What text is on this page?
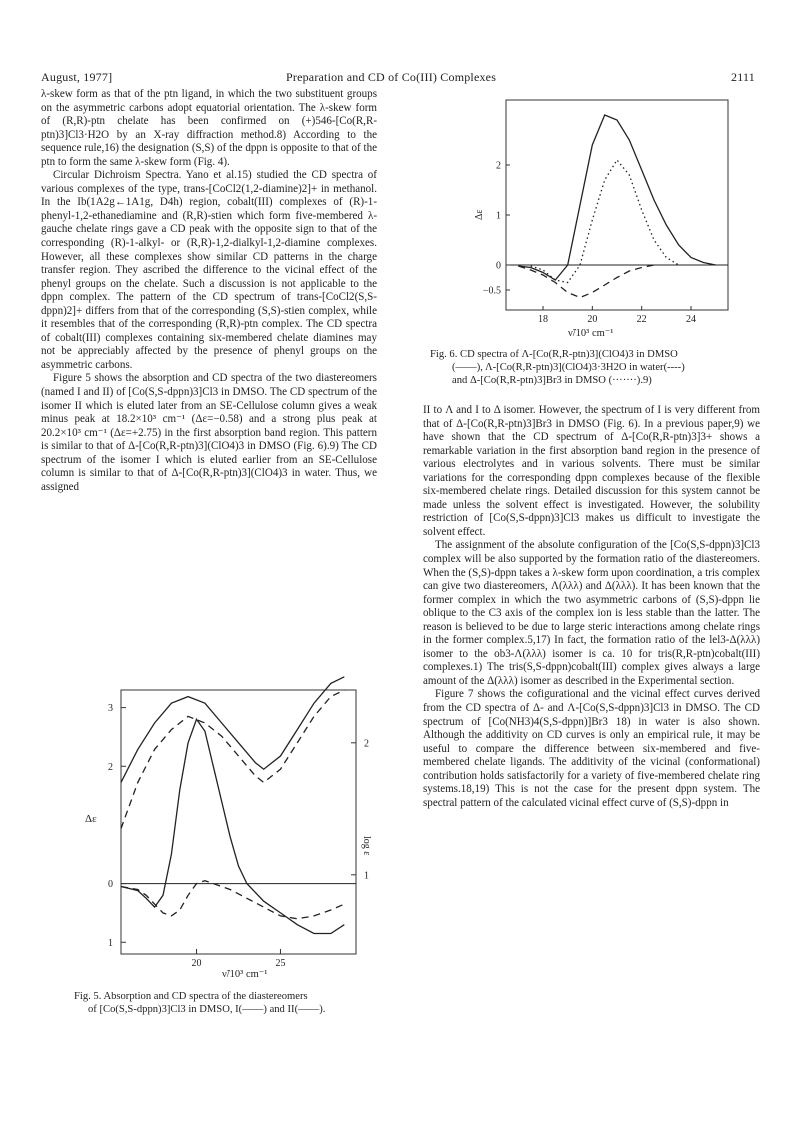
August, 1977]	Preparation and CD of Co(III) Complexes	2111

λ-skew form as that of the ptn ligand, in which the two substituent groups on the asymmetric carbons adopt equatorial orientation. The λ-skew form of (R,R)-ptn chelate has been confirmed on (+)546-[Co(R,R-ptn)3]Cl3·H2O by an X-ray diffraction method.8) According to the sequence rule,16) the designation (S,S) of the dppn is opposite to that of the ptn to form the same λ-skew form (Fig. 4).

Circular Dichroism Spectra. Yano et al.15) studied the CD spectra of various complexes of the type, trans-[CoCl2(1,2-diamine)2]+ in methanol. In the Ib(1A2g←1A1g, D4h) region, cobalt(III) complexes of (R)-1-phenyl-1,2-ethanediamine and (R,R)-stien which form five-membered λ-gauche chelate rings gave a CD peak with the opposite sign to that of the corresponding (R)-1-alkyl- or (R,R)-1,2-dialkyl-1,2-diamine complexes. However, all these complexes show similar CD patterns in the charge transfer region. They ascribed the difference to the vicinal effect of the phenyl groups on the chelate. Such a discussion is not applicable to the dppn complex. The pattern of the CD spectrum of trans-[CoCl2(S,S-dppn)2]+ differs from that of the corresponding (S,S)-stien complex, while it resembles that of the corresponding (R,R)-ptn complex. The CD spectra of cobalt(III) complexes containing six-membered chelate diamines may not be appreciably affected by the presence of phenyl groups on the asymmetric carbons.

Figure 5 shows the absorption and CD spectra of the two diastereomers (named I and II) of [Co(S,S-dppn)3]Cl3 in DMSO. The CD spectrum of the isomer II which is eluted later from an SE-Cellulose column gives a weak minus peak at 18.2×10³ cm⁻¹ (Δε=−0.58) and a strong plus peak at 20.2×10³ cm⁻¹ (Δε=+2.75) in the first absorption band region. This pattern is similar to that of Δ-[Co(R,R-ptn)3](ClO4)3 in DMSO (Fig. 6).9) The CD spectrum of the isomer I which is eluted earlier from an SE-Cellulose column is similar to that of Δ-[Co(R,R-ptn)3](ClO4)3 in water. Thus, we assigned

3
2
0
1
2
1
20	25
Δε
log ε
ν̃/10³ cm⁻¹
Fig. 5. Absorption and CD spectra of the diastereomers
of [Co(S,S-dppn)3]Cl3 in DMSO, I(——) and II(——).
2
1
0
−0.5
18	20	22	24
Δε
ν̃/10³ cm⁻¹
Fig. 6. CD spectra of Λ-[Co(R,R-ptn)3](ClO4)3 in DMSO
(——), Λ-[Co(R,R-ptn)3](ClO4)3·3H2O in water(----)
and Δ-[Co(R,R-ptn)3]Br3 in DMSO (·······).9)

II to Λ and I to Δ isomer. However, the spectrum of I is very different from that of Δ-[Co(R,R-ptn)3]Br3 in DMSO (Fig. 6). In a previous paper,9) we have shown that the CD spectrum of Δ-[Co(R,R-ptn)3]3+ shows a remarkable variation in the first absorption band region in the presence of various electrolytes and in various solvents. There must be similar variations for the corresponding dppn complexes because of the flexible six-membered chelate rings. Detailed discussion for this system cannot be made unless the solvent effect is investigated. However, the solubility restriction of [Co(S,S-dppn)3]Cl3 makes us difficult to investigate the solvent effect.

The assignment of the absolute configuration of the [Co(S,S-dppn)3]Cl3 complex will be also supported by the formation ratio of the diastereomers. When the (S,S)-dppn takes a λ-skew form upon coordination, a tris complex can give two diastereomers, Λ(λλλ) and Δ(λλλ). It has been known that the former complex in which the two asymmetric carbons of (S,S)-dppn lie oblique to the C3 axis of the complex ion is less stable than the latter. The reason is believed to be due to large steric interactions among chelate rings in the former complex.5,17) In fact, the formation ratio of the lel3-Δ(λλλ) isomer to the ob3-Λ(λλλ) isomer is ca. 10 for tris(R,R-ptn)cobalt(III) complexes.1) The tris(S,S-dppn)cobalt(III) complex gives always a large amount of the Δ(λλλ) isomer as described in the Experimental section.

Figure 7 shows the cofigurational and the vicinal effect curves derived from the CD spectra of Δ- and Λ-[Co(S,S-dppn)3]Cl3 in DMSO. The CD spectrum of [Co(NH3)4(S,S-dppn)]Br3 18) in water is also shown. Although the additivity on CD curves is only an empirical rule, it may be useful to compare the difference between six-membered and five-membered chelate ligands. The additivity of the vicinal (conformational) contribution holds satisfactorily for a variety of five-membered chelate ring systems.18,19) This is not the case for the present dppn system. The spectral pattern of the calculated vicinal effect curve of (S,S)-dppn in
